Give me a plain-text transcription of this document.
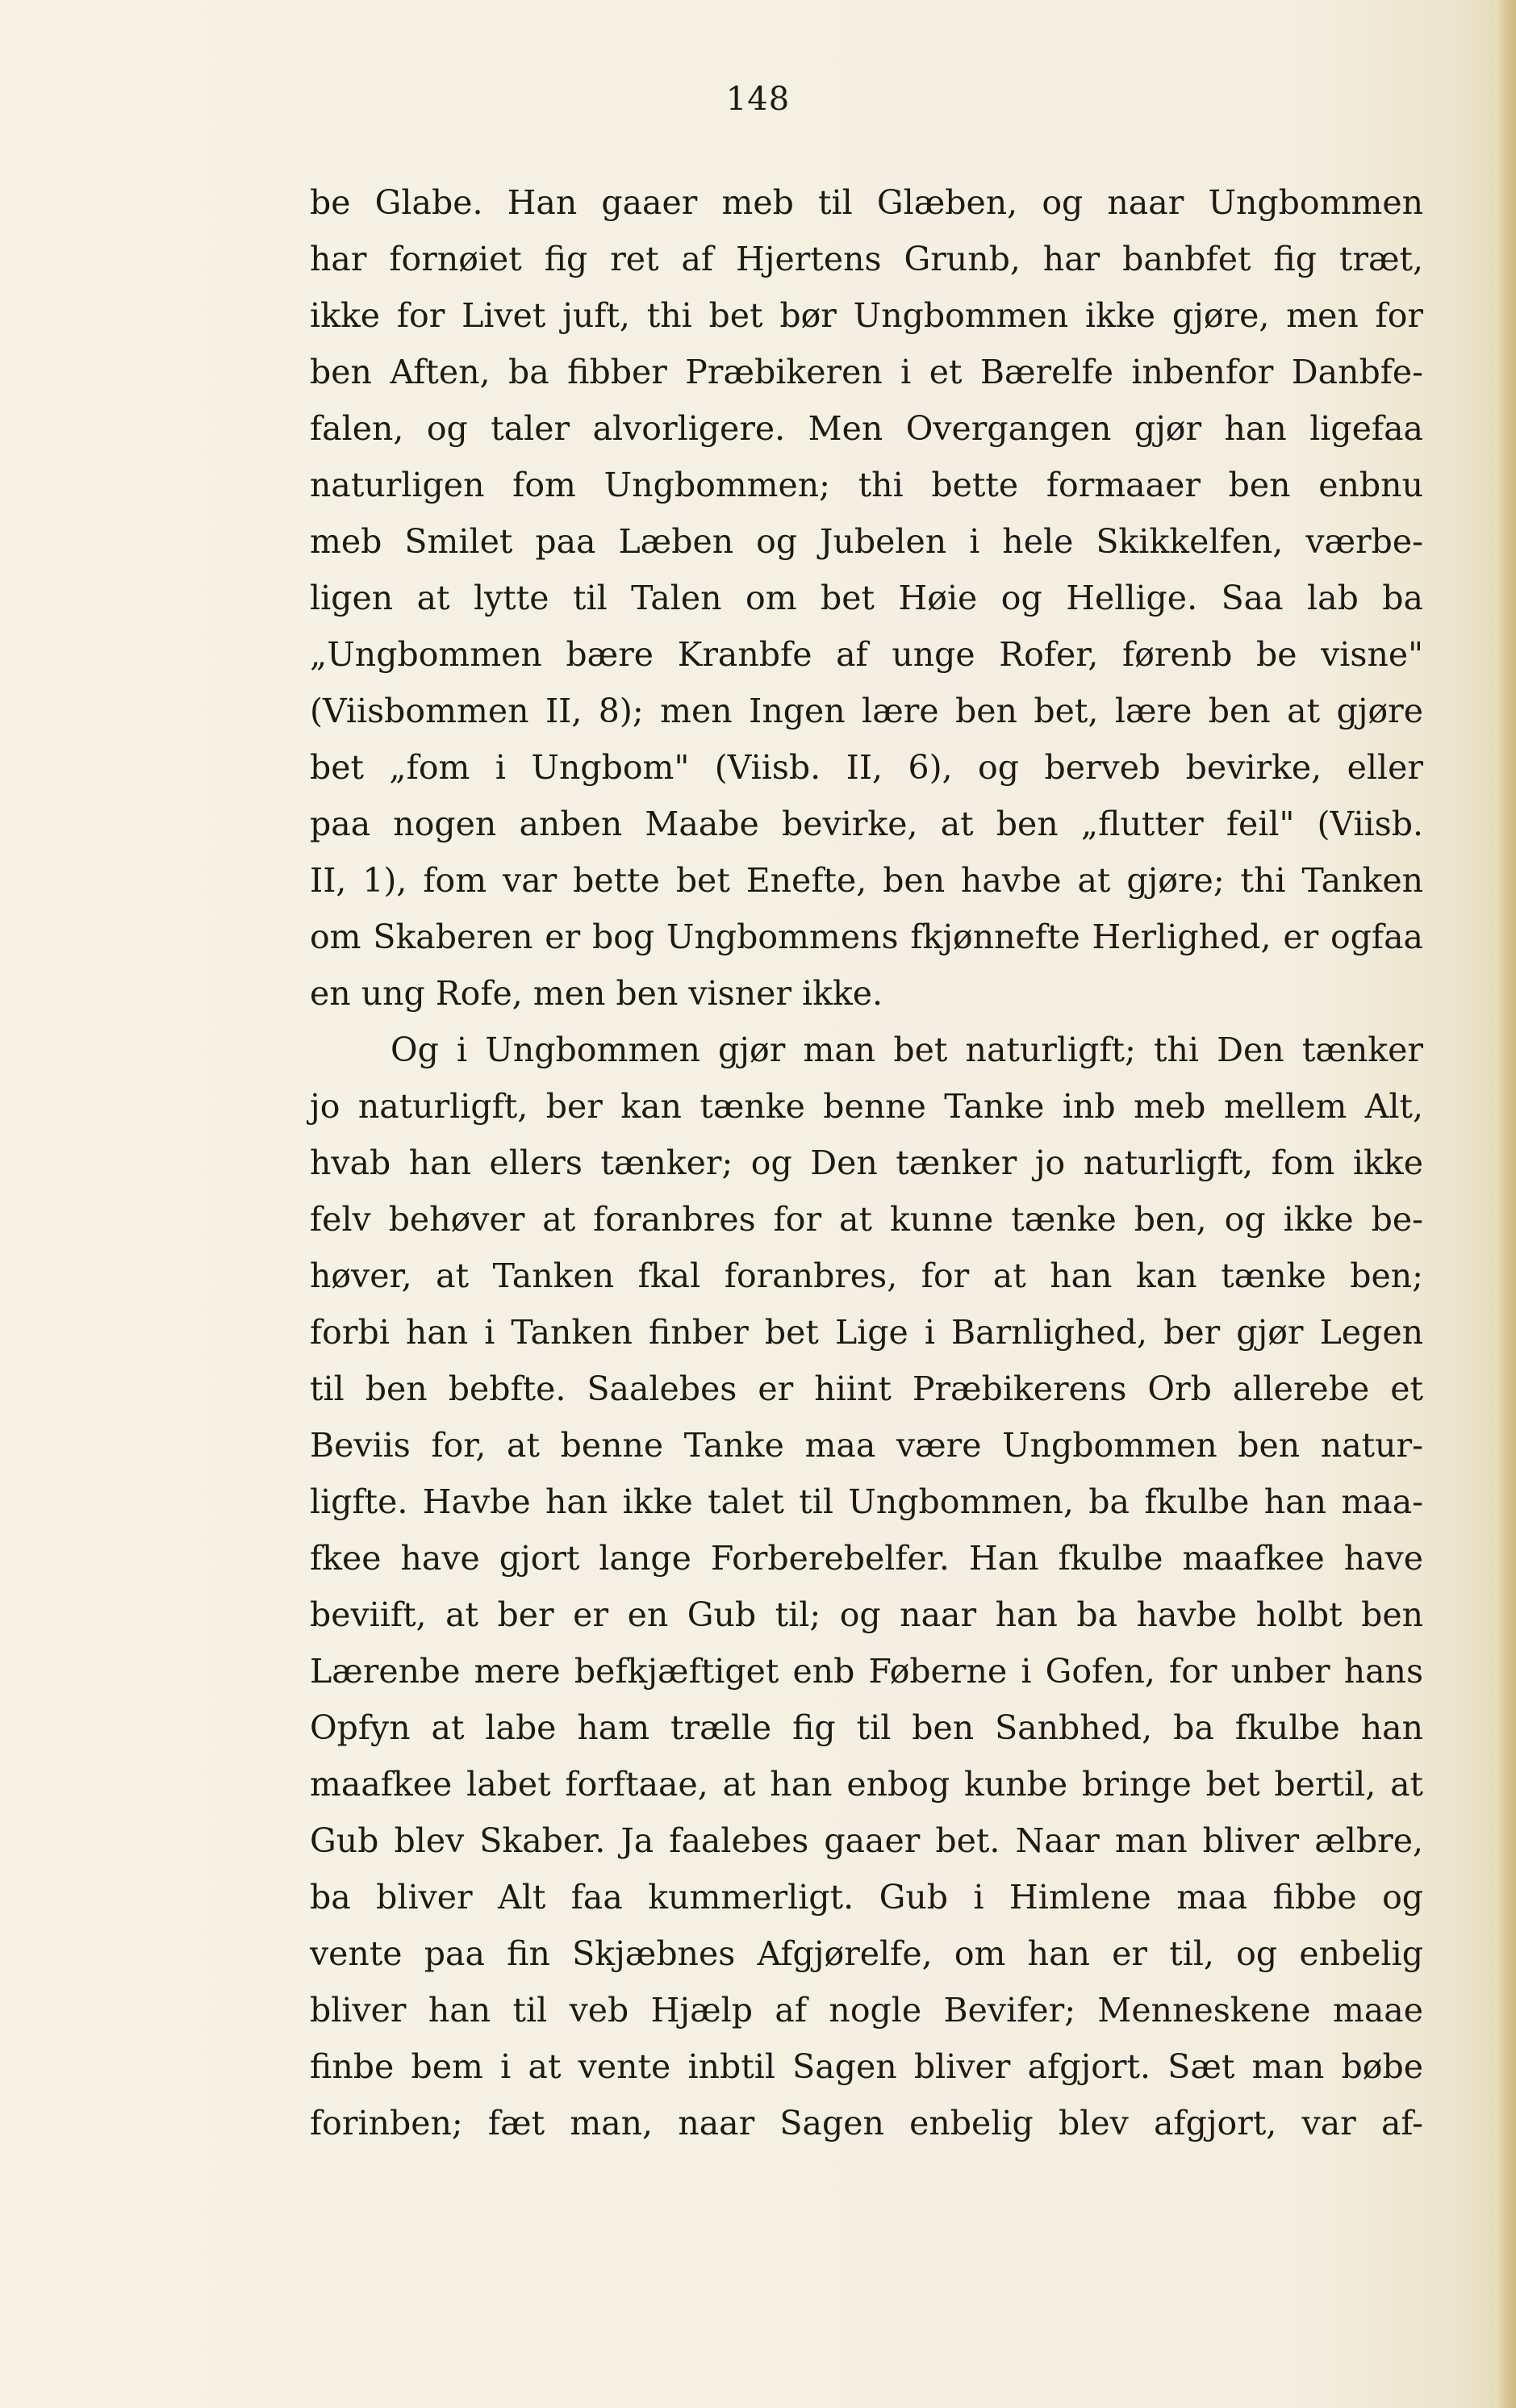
148
be Glabe. Han gaaer meb til Glæben, og naar Ungbommen
har fornøiet fig ret af Hjertens Grunb, har banbfet fig træt,
ikke for Livet juft, thi bet bør Ungbommen ikke gjøre, men for
ben Aften, ba fibber Præbikeren i et Bærelfe inbenfor Danbfe-
falen, og taler alvorligere. Men Overgangen gjør han ligefaa
naturligen fom Ungbommen; thi bette formaaer ben enbnu
meb Smilet paa Læben og Jubelen i hele Skikkelfen, værbe-
ligen at lytte til Talen om bet Høie og Hellige. Saa lab ba
„Ungbommen bære Kranbfe af unge Rofer, førenb be visne"
(Viisbommen II, 8); men Ingen lære ben bet, lære ben at gjøre
bet „fom i Ungbom" (Viisb. II, 6), og berveb bevirke, eller
paa nogen anben Maabe bevirke, at ben „flutter feil" (Viisb.
II, 1), fom var bette bet Enefte, ben havbe at gjøre; thi Tanken
om Skaberen er bog Ungbommens fkjønnefte Herlighed, er ogfaa
en ung Rofe, men ben visner ikke.
Og i Ungbommen gjør man bet naturligft; thi Den tænker
jo naturligft, ber kan tænke benne Tanke inb meb mellem Alt,
hvab han ellers tænker; og Den tænker jo naturligft, fom ikke
felv behøver at foranbres for at kunne tænke ben, og ikke be-
høver, at Tanken fkal foranbres, for at han kan tænke ben;
forbi han i Tanken finber bet Lige i Barnlighed, ber gjør Legen
til ben bebfte. Saalebes er hiint Præbikerens Orb allerebe et
Beviis for, at benne Tanke maa være Ungbommen ben natur-
ligfte. Havbe han ikke talet til Ungbommen, ba fkulbe han maa-
fkee have gjort lange Forberebelfer. Han fkulbe maafkee have
beviift, at ber er en Gub til; og naar han ba havbe holbt ben
Lærenbe mere befkjæftiget enb Føberne i Gofen, for unber hans
Opfyn at labe ham trælle fig til ben Sanbhed, ba fkulbe han
maafkee labet forftaae, at han enbog kunbe bringe bet bertil, at
Gub blev Skaber. Ja faalebes gaaer bet. Naar man bliver ælbre,
ba bliver Alt faa kummerligt. Gub i Himlene maa fibbe og
vente paa fin Skjæbnes Afgjørelfe, om han er til, og enbelig
bliver han til veb Hjælp af nogle Bevifer; Menneskene maae
finbe bem i at vente inbtil Sagen bliver afgjort. Sæt man bøbe
forinben; fæt man, naar Sagen enbelig blev afgjort, var af-
